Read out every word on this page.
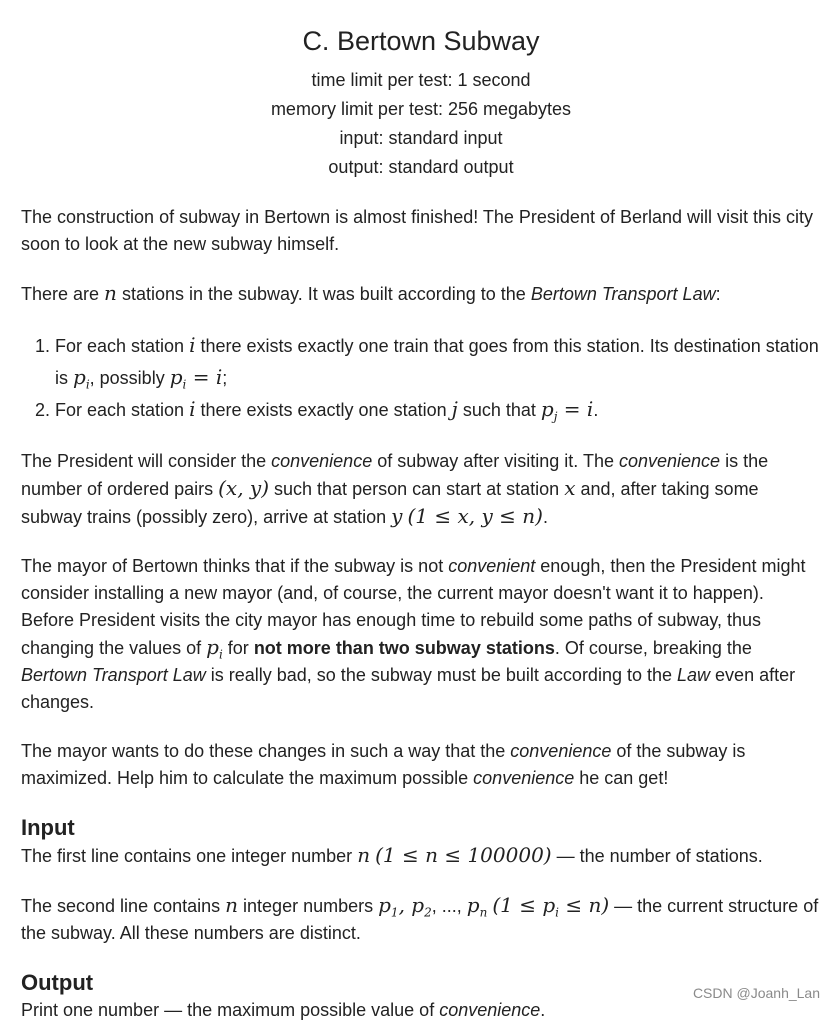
C. Bertown Subway
time limit per test: 1 second
memory limit per test: 256 megabytes
input: standard input
output: standard output

The construction of subway in Bertown is almost finished! The President of Berland will visit this city soon to look at the new subway himself.

There are n stations in the subway. It was built according to the Bertown Transport Law:

1. For each station i there exists exactly one train that goes from this station. Its destination station is $p_i$, possibly $p_i = i$;
2. For each station i there exists exactly one station j such that $p_j = i$.

The President will consider the convenience of subway after visiting it. The convenience is the number of ordered pairs (x, y) such that person can start at station x and, after taking some subway trains (possibly zero), arrive at station y (1 ≤ x, y ≤ n).

The mayor of Bertown thinks that if the subway is not convenient enough, then the President might consider installing a new mayor (and, of course, the current mayor doesn't want it to happen). Before President visits the city mayor has enough time to rebuild some paths of subway, thus changing the values of $p_i$ for not more than two subway stations. Of course, breaking the Bertown Transport Law is really bad, so the subway must be built according to the Law even after changes.

The mayor wants to do these changes in such a way that the convenience of the subway is maximized. Help him to calculate the maximum possible convenience he can get!

Input

The first line contains one integer number n (1 ≤ n ≤ 100000) — the number of stations.

The second line contains n integer numbers $p_1$, $p_2$, ..., $p_n$ $(1 \le p_i \le n)$ — the current structure of the subway. All these numbers are distinct.

Output

Print one number — the maximum possible value of convenience.

CSDN @Joanh_Lan
